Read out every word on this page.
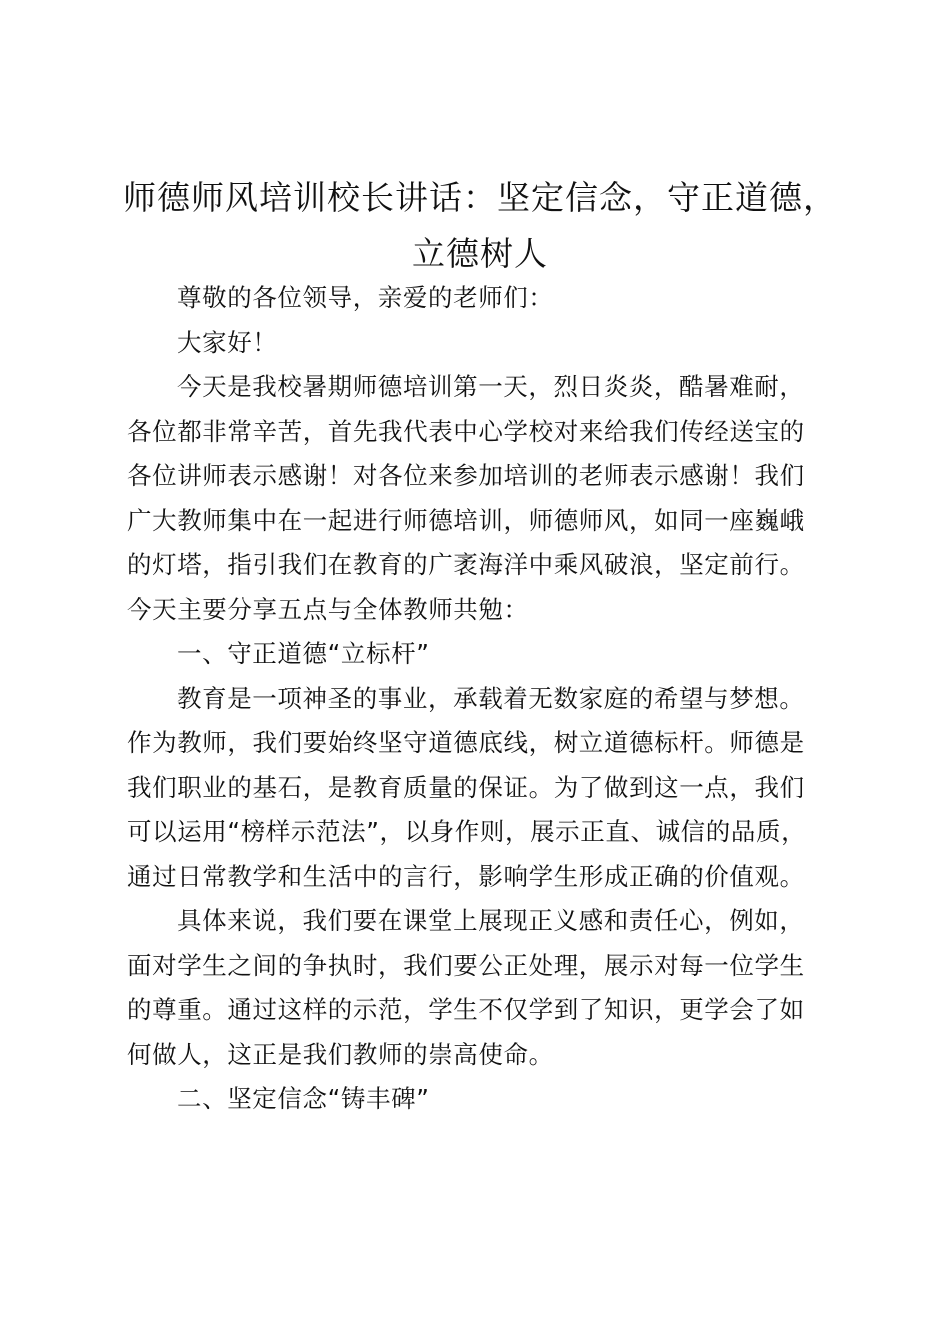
师德师风培训校长讲话：坚定信念，守正道德，
立德树人
尊敬的各位领导，亲爱的老师们：
大家好！
今天是我校暑期师德培训第一天，烈日炎炎，酷暑难耐，
各位都非常辛苦，首先我代表中心学校对来给我们传经送宝的
各位讲师表示感谢！对各位来参加培训的老师表示感谢！我们
广大教师集中在一起进行师德培训，师德师风，如同一座巍峨
的灯塔，指引我们在教育的广袤海洋中乘风破浪，坚定前行。
今天主要分享五点与全体教师共勉：
一、守正道德“立标杆”
教育是一项神圣的事业，承载着无数家庭的希望与梦想。
作为教师，我们要始终坚守道德底线，树立道德标杆。师德是
我们职业的基石，是教育质量的保证。为了做到这一点，我们
可以运用“榜样示范法”，以身作则，展示正直、诚信的品质，
通过日常教学和生活中的言行，影响学生形成正确的价值观。
具体来说，我们要在课堂上展现正义感和责任心，例如，
面对学生之间的争执时，我们要公正处理，展示对每一位学生
的尊重。通过这样的示范，学生不仅学到了知识，更学会了如
何做人，这正是我们教师的崇高使命。
二、坚定信念“铸丰碑”
